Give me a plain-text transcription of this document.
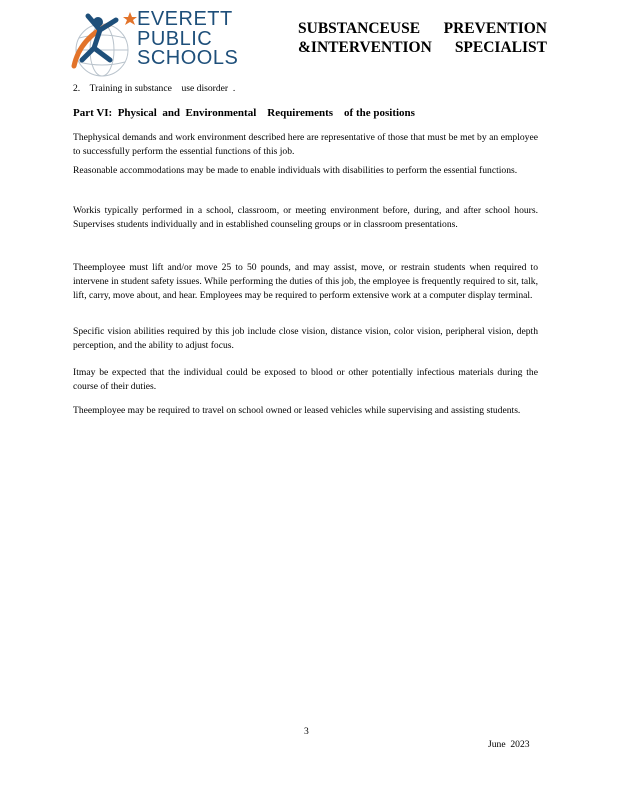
EVERETT
PUBLIC
SCHOOLS
SUBSTANCEUSE PREVENTION
&INTERVENTION SPECIALIST
2.    Training in substance    use disorder  .
Part VI:  Physical  and  Environmental    Requirements    of the positions
Thephysical demands and work environment described here are representative of those that must be met by an employee to successfully perform the essential functions of this job.
Reasonable accommodations may be made to enable individuals with disabilities to perform the essential functions.
Workis typically performed in a school, classroom, or meeting environment before, during, and after school hours. Supervises students individually and in established counseling groups or in classroom presentations.
Theemployee must lift and/or move 25 to 50 pounds, and may assist, move, or restrain students when required to intervene in student safety issues. While performing the duties of this job, the employee is frequently required to sit, talk, lift, carry, move about, and hear. Employees may be required to perform extensive work at a computer display terminal.
Specific vision abilities required by this job include close vision, distance vision, color vision, peripheral vision, depth perception, and the ability to adjust focus.
Itmay be expected that the individual could be exposed to blood or other potentially infectious materials during the course of their duties.
Theemployee may be required to travel on school owned or leased vehicles while supervising and assisting students.
3
June  2023
